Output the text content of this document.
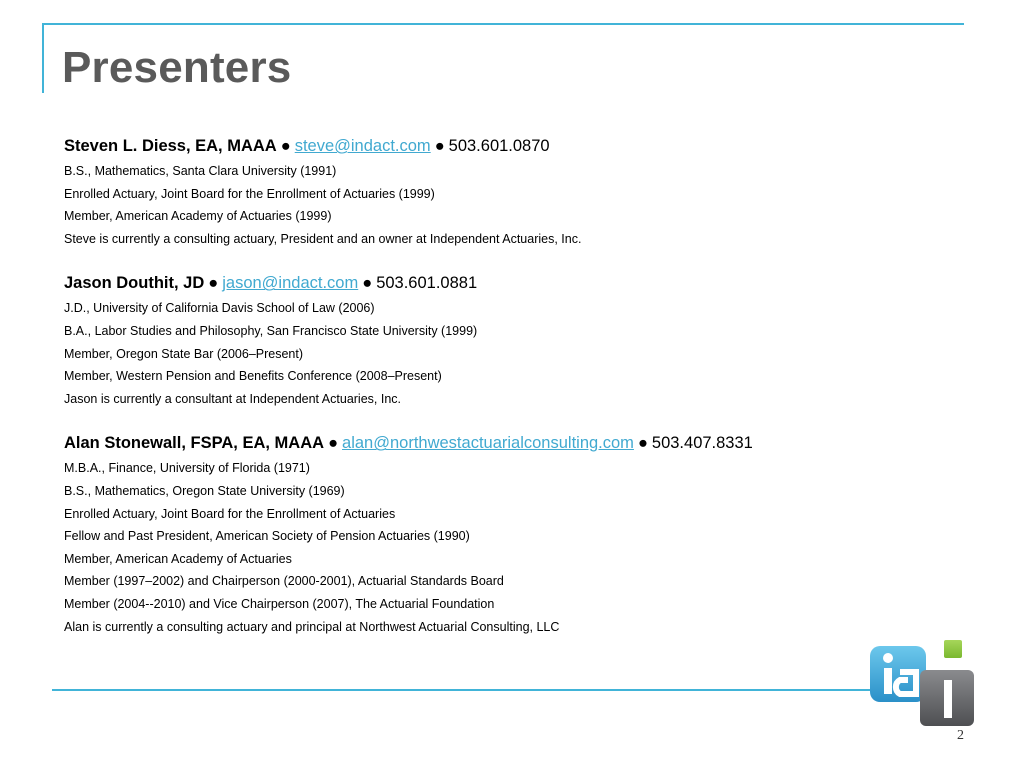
Presenters

Steven L. Diess, EA, MAAA ● steve@indact.com ● 503.601.0870

B.S., Mathematics, Santa Clara University (1991)

Enrolled Actuary, Joint Board for the Enrollment of Actuaries (1999)

Member, American Academy of Actuaries (1999)

Steve is currently a consulting actuary, President and an owner at Independent Actuaries, Inc.

Jason Douthit, JD ● jason@indact.com ● 503.601.0881

J.D., University of California Davis School of Law (2006)

B.A., Labor Studies and Philosophy, San Francisco State University (1999)

Member, Oregon State Bar (2006–Present)

Member, Western Pension and Benefits Conference (2008–Present)

Jason is currently a consultant at Independent Actuaries, Inc.

Alan Stonewall, FSPA, EA, MAAA ● alan@northwestactuarialconsulting.com ● 503.407.8331

M.B.A., Finance, University of Florida (1971)

B.S., Mathematics, Oregon State University (1969)

Enrolled Actuary, Joint Board for the Enrollment of Actuaries

Fellow and Past President, American Society of Pension Actuaries (1990)

Member, American Academy of Actuaries

Member (1997–2002) and Chairperson (2000-2001), Actuarial Standards Board

Member (2004--2010) and Vice Chairperson (2007), The Actuarial Foundation

Alan is currently a consulting actuary and principal at Northwest Actuarial Consulting, LLC

2
